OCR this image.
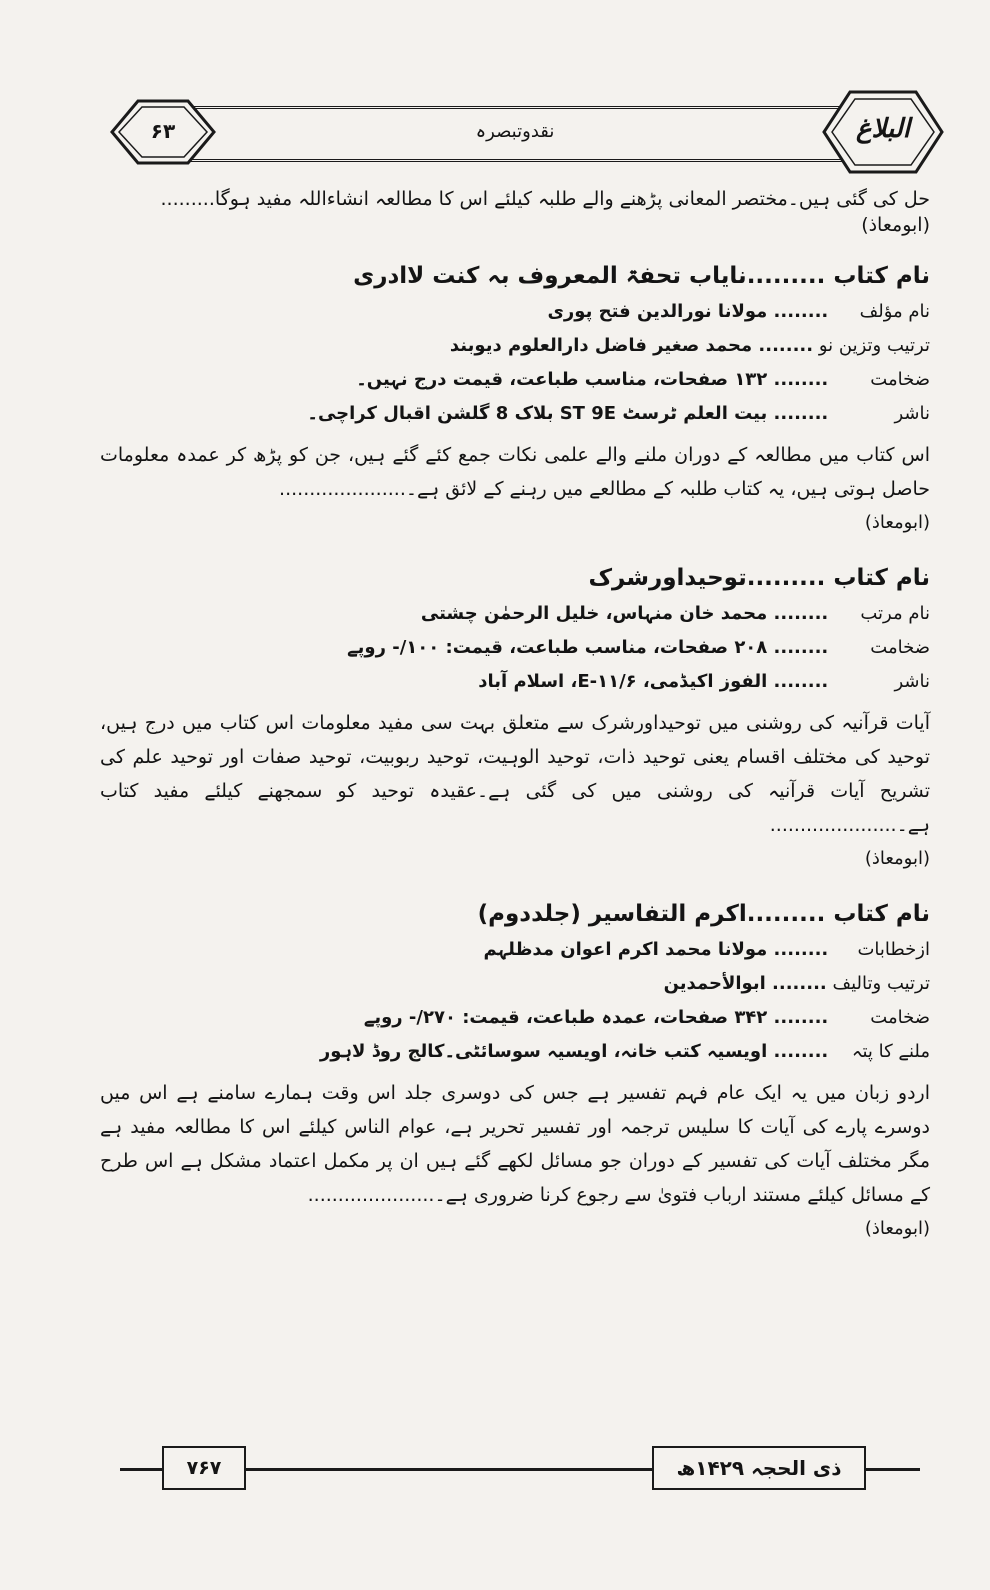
نقدوتبصرہ
۶۳	البلاغ

حل کی گئی ہیں۔مختصر المعانی پڑھنے والے طلبہ کیلئے اس کا مطالعہ انشاءاللہ مفید ہوگا.........(ابومعاذ)

نام کتاب .........نایاب تحفۃ المعروف بہ کنت لاادری
نام مؤلف ........ مولانا نورالدین فتح پوری
ترتیب وتزین نو ........ محمد صغیر فاضل دارالعلوم دیوبند
ضخامت ........ ۱۳۲ صفحات، مناسب طباعت، قیمت درج نہیں۔
ناشر ........ بیت العلم ٹرسٹ ST 9E بلاک 8 گلشن اقبال کراچی۔

اس کتاب میں مطالعہ کے دوران ملنے والے علمی نکات جمع کئے گئے ہیں، جن کو پڑھ کر عمدہ معلومات حاصل ہوتی ہیں، یہ کتاب طلبہ کے مطالعے میں رہنے کے لائق ہے۔.....................
(ابومعاذ)

نام کتاب .........توحیداورشرک
نام مرتب ........ محمد خان منہاس، خلیل الرحمٰن چشتی
ضخامت ........ ۲۰۸ صفحات، مناسب طباعت، قیمت: ۱۰۰/- روپے
ناشر ........ الفوز اکیڈمی، ۱۱/۶-E، اسلام آباد

آیات قرآنیہ کی روشنی میں توحیداورشرک سے متعلق بہت سی مفید معلومات اس کتاب میں درج ہیں، توحید کی مختلف اقسام یعنی توحید ذات، توحید الوہیت، توحید ربوبیت، توحید صفات اور توحید علم کی تشریح آیات قرآنیہ کی روشنی میں کی گئی ہے۔عقیدہ توحید کو سمجھنے کیلئے مفید کتاب ہے۔.....................
(ابومعاذ)

نام کتاب .........اکرم التفاسیر (جلددوم)
ازخطابات ........ مولانا محمد اکرم اعوان مدظلہم
ترتیب وتالیف ........ ابوالأحمدین
ضخامت ........ ۳۴۲ صفحات، عمدہ طباعت، قیمت: ۲۷۰/- روپے
ملنے کا پتہ ........ اویسیہ کتب خانہ، اویسیہ سوسائٹی۔کالج روڈ لاہور

اردو زبان میں یہ ایک عام فہم تفسیر ہے جس کی دوسری جلد اس وقت ہمارے سامنے ہے اس میں دوسرے پارے کی آیات کا سلیس ترجمہ اور تفسیر تحریر ہے، عوام الناس کیلئے اس کا مطالعہ مفید ہے مگر مختلف آیات کی تفسیر کے دوران جو مسائل لکھے گئے ہیں ان پر مکمل اعتماد مشکل ہے اس طرح کے مسائل کیلئے مستند ارباب فتویٰ سے رجوع کرنا ضروری ہے۔.....................
(ابومعاذ)

۷۶۷	ذی الحجہ ۱۴۲۹ھ
